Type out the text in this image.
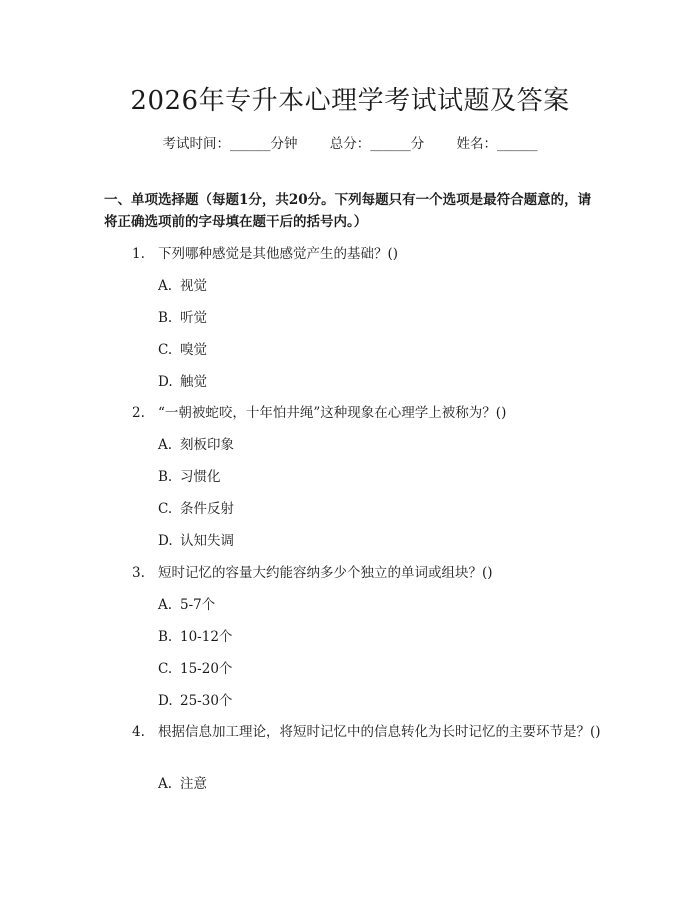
2026年专升本心理学考试试题及答案
考试时间：______分钟 总分：______分 姓名：______
一、单项选择题（每题1分，共20分。下列每题只有一个选项是最符合题意的，请将正确选项前的字母填在题干后的括号内。）
1. 下列哪种感觉是其他感觉产生的基础？()
A. 视觉
B. 听觉
C. 嗅觉
D. 触觉
2. “一朝被蛇咬，十年怕井绳”这种现象在心理学上被称为？()
A. 刻板印象
B. 习惯化
C. 条件反射
D. 认知失调
3. 短时记忆的容量大约能容纳多少个独立的单词或组块？()
A. 5-7个
B. 10-12个
C. 15-20个
D. 25-30个
4. 根据信息加工理论，将短时记忆中的信息转化为长时记忆的主要环节是？()
A. 注意
